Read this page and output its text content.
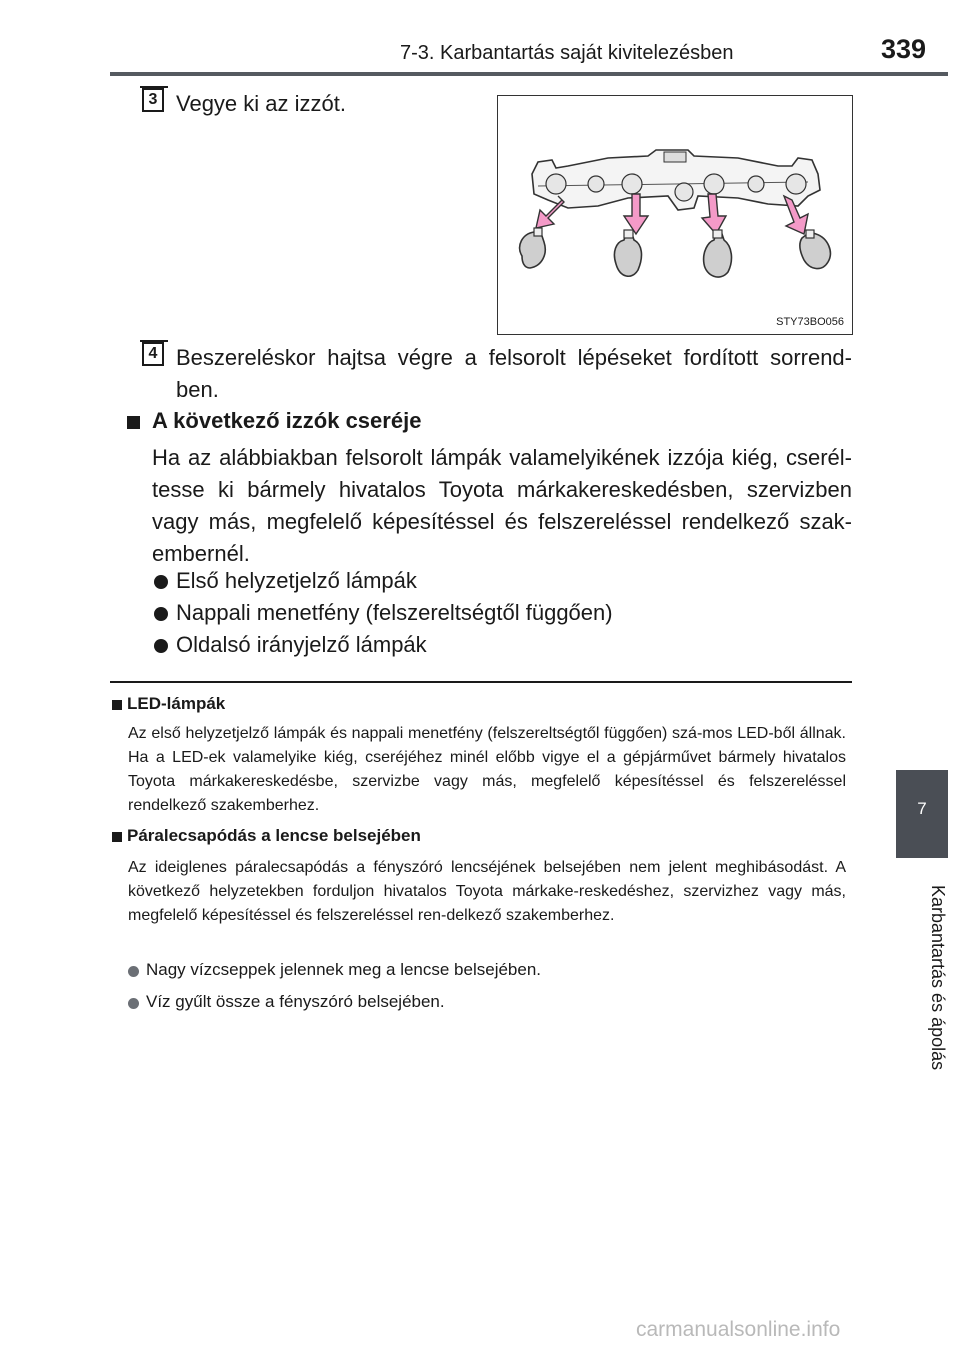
7-3. Karbantartás saját kivitelezésben	339
7
Karbantartás és ápolás
3 Vegye ki az izzót.
STY73BO056
4 Beszereléskor hajtsa végre a felsorolt lépéseket fordított sorrend-ben.
A következő izzók cseréje
Ha az alábbiakban felsorolt lámpák valamelyikének izzója kiég, cserél-tesse ki bármely hivatalos Toyota márkakereskedésben, szervizben vagy más, megfelelő képesítéssel és felszereléssel rendelkező szak-embernél.
Első helyzetjelző lámpák
Nappali menetfény (felszereltségtől függően)
Oldalsó irányjelző lámpák
LED-lámpák
Az első helyzetjelző lámpák és nappali menetfény (felszereltségtől függően) szá-mos LED-ből állnak. Ha a LED-ek valamelyike kiég, cseréjéhez minél előbb vigye el a gépjárművet bármely hivatalos Toyota márkakereskedésbe, szervizbe vagy más, megfelelő képesítéssel és felszereléssel rendelkező szakemberhez.
Páralecsapódás a lencse belsejében
Az ideiglenes páralecsapódás a fényszóró lencséjének belsejében nem jelent meghibásodást. A következő helyzetekben forduljon hivatalos Toyota márkake-reskedéshez, szervizhez vagy más, megfelelő képesítéssel és felszereléssel ren-delkező szakemberhez.
Nagy vízcseppek jelennek meg a lencse belsejében.
Víz gyűlt össze a fényszóró belsejében.
carmanualsonline.info
